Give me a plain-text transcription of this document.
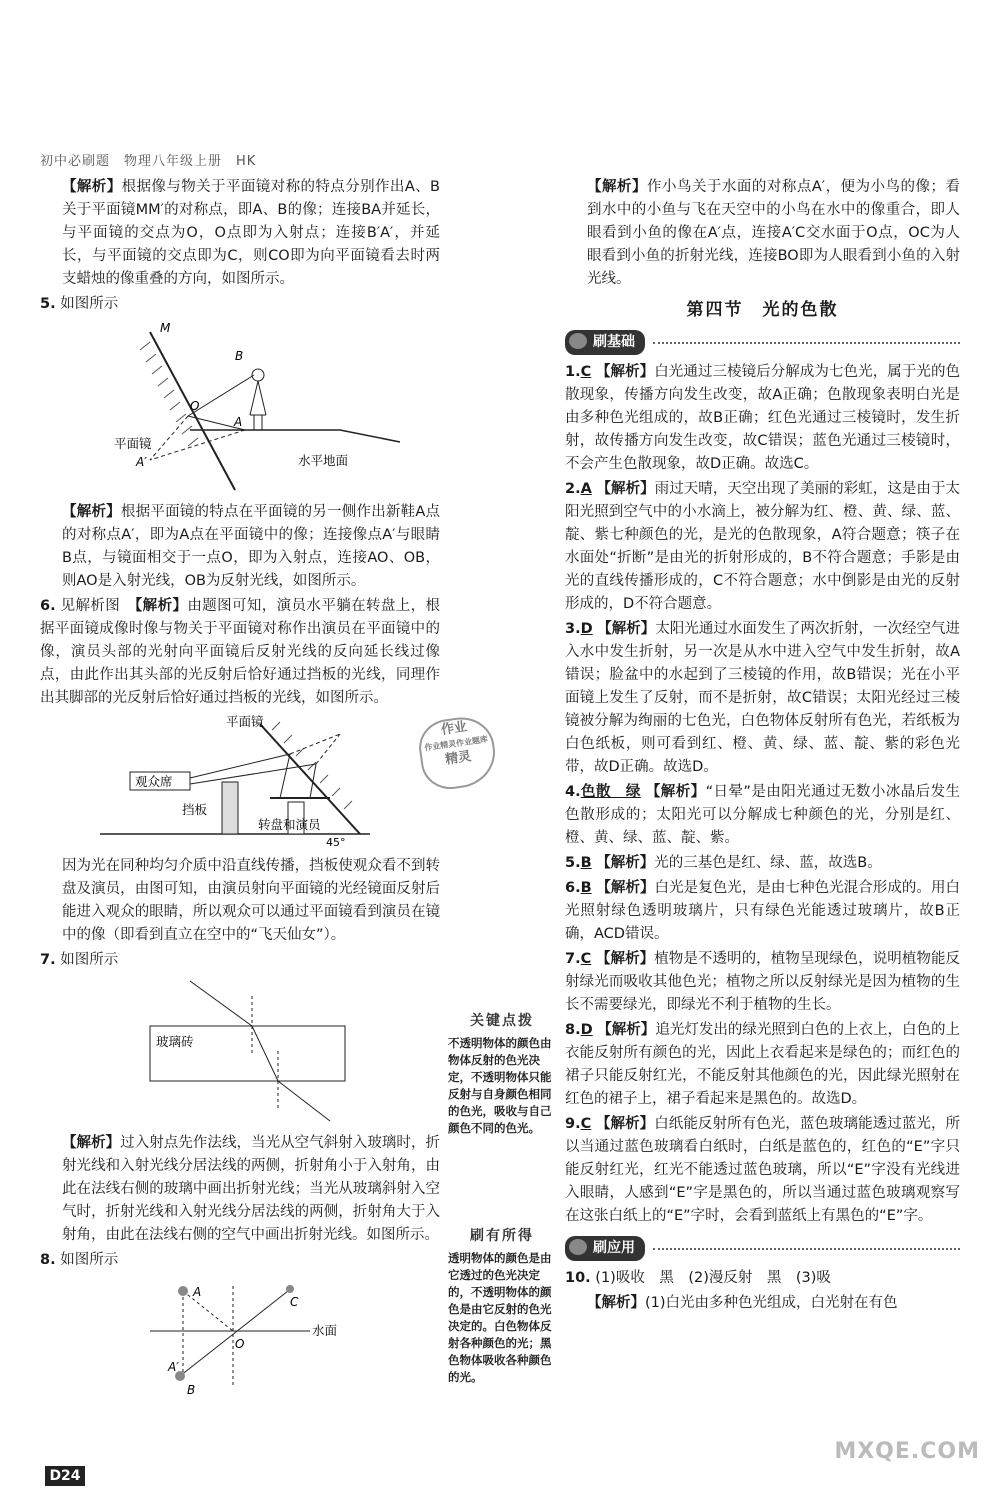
初中必刷题　物理八年级上册　HK

【解析】根据像与物关于平面镜对称的特点分别作出A、B关于平面镜MM′的对称点，即A、B的像；连接BA并延长，与平面镜的交点为O，O点即为入射点；连接B′A′，并延长，与平面镜的交点即为C，则CO即为向平面镜看去时两支蜡烛的像重叠的方向，如图所示。

5. 如图所示

M
B
O
A
A′
平面镜
水平地面

【解析】根据平面镜的特点在平面镜的另一侧作出新鞋A点的对称点A′，即为A点在平面镜中的像；连接像点A′与眼睛B点，与镜面相交于一点O，即为入射点，连接AO、OB，则AO是入射光线，OB为反射光线，如图所示。

6. 见解析图　 【解析】由题图可知，演员水平躺在转盘上，根据平面镜成像时像与物关于平面镜对称作出演员在平面镜中的像，演员头部的光射向平面镜后反射光线的反向延长线过像点，由此作出其头部的光反射后恰好通过挡板的光线，同理作出其脚部的光反射后恰好通过挡板的光线，如图所示。

平面镜
观众席
挡板
转盘和演员
45°

因为光在同种均匀介质中沿直线传播，挡板使观众看不到转盘及演员，由图可知，由演员射向平面镜的光经镜面反射后能进入观众的眼睛，所以观众可以通过平面镜看到演员在镜中的像（即看到直立在空中的“飞天仙女”）。

7. 如图所示

玻璃砖

【解析】过入射点先作法线，当光从空气斜射入玻璃时，折射光线和入射光线分居法线的两侧，折射角小于入射角，由此在法线右侧的玻璃中画出折射光线；当光从玻璃斜射入空气时，折射光线和入射光线分居法线的两侧，折射角大于入射角，由此在法线右侧的空气中画出折射光线。如图所示。

8. 如图所示

A
C
O
A′
B
水面
作业
作业精灵作业题库
精灵
关键点拨
不透明物体的颜色由物体反射的色光决定，不透明物体只能反射与自身颜色相同的色光，吸收与自己颜色不同的色光。
刷有所得
透明物体的颜色是由它透过的色光决定的，不透明物体的颜色是由它反射的色光决定的。白色物体反射各种颜色的光；黑色物体吸收各种颜色的光。

【解析】作小鸟关于水面的对称点A′，便为小鸟的像；看到水中的小鱼与飞在天空中的小鸟在水中的像重合，即人眼看到小鱼的像在A′点，连接A′C交水面于O点，OC为人眼看到小鱼的折射光线，连接BO即为人眼看到小鱼的入射光线。

第四节　光的色散
刷基础

1.C 【解析】白光通过三棱镜后分解成为七色光，属于光的色散现象，传播方向发生改变，故A正确；色散现象表明白光是由多种色光组成的，故B正确；红色光通过三棱镜时，发生折射，故传播方向发生改变，故C错误；蓝色光通过三棱镜时，不会产生色散现象，故D正确。故选C。

2.A 【解析】雨过天晴，天空出现了美丽的彩虹，这是由于太阳光照到空气中的小水滴上，被分解为红、橙、黄、绿、蓝、靛、紫七种颜色的光，是光的色散现象，A符合题意；筷子在水面处“折断”是由光的折射形成的，B不符合题意；手影是由光的直线传播形成的，C不符合题意；水中倒影是由光的反射形成的，D不符合题意。

3.D 【解析】太阳光通过水面发生了两次折射，一次经空气进入水中发生折射，另一次是从水中进入空气中发生折射，故A错误；脸盆中的水起到了三棱镜的作用，故B错误；光在小平面镜上发生了反射，而不是折射，故C错误；太阳光经过三棱镜被分解为绚丽的七色光，白色物体反射所有色光，若纸板为白色纸板，则可看到红、橙、黄、绿、蓝、靛、紫的彩色光带，故D正确。故选D。

4.色散　绿 【解析】“日晕”是由阳光通过无数小冰晶后发生色散形成的；太阳光可以分解成七种颜色的光，分别是红、橙、黄、绿、蓝、靛、紫。

5.B 【解析】光的三基色是红、绿、蓝，故选B。

6.B 【解析】白光是复色光，是由七种色光混合形成的。用白光照射绿色透明玻璃片，只有绿色光能透过玻璃片，故B正确，ACD错误。

7.C 【解析】植物是不透明的，植物呈现绿色，说明植物能反射绿光而吸收其他色光；植物之所以反射绿光是因为植物的生长不需要绿光，即绿光不利于植物的生长。

8.D 【解析】追光灯发出的绿光照到白色的上衣上，白色的上衣能反射所有颜色的光，因此上衣看起来是绿色的；而红色的裙子只能反射红光，不能反射其他颜色的光，因此绿光照射在红色的裙子上，裙子看起来是黑色的。故选D。

9.C 【解析】白纸能反射所有色光，蓝色玻璃能透过蓝光，所以当通过蓝色玻璃看白纸时，白纸是蓝色的，红色的“E”字只能反射红光，红光不能透过蓝色玻璃，所以“E”字没有光线进入眼睛，人感到“E”字是黑色的，所以当通过蓝色玻璃观察写在这张白纸上的“E”字时，会看到蓝纸上有黑色的“E”字。

刷应用

10. (1)吸收　黑　(2)漫反射　黑　(3)吸

【解析】(1)白光由多种色光组成，白光射在有色

D24
MXQE.COM
